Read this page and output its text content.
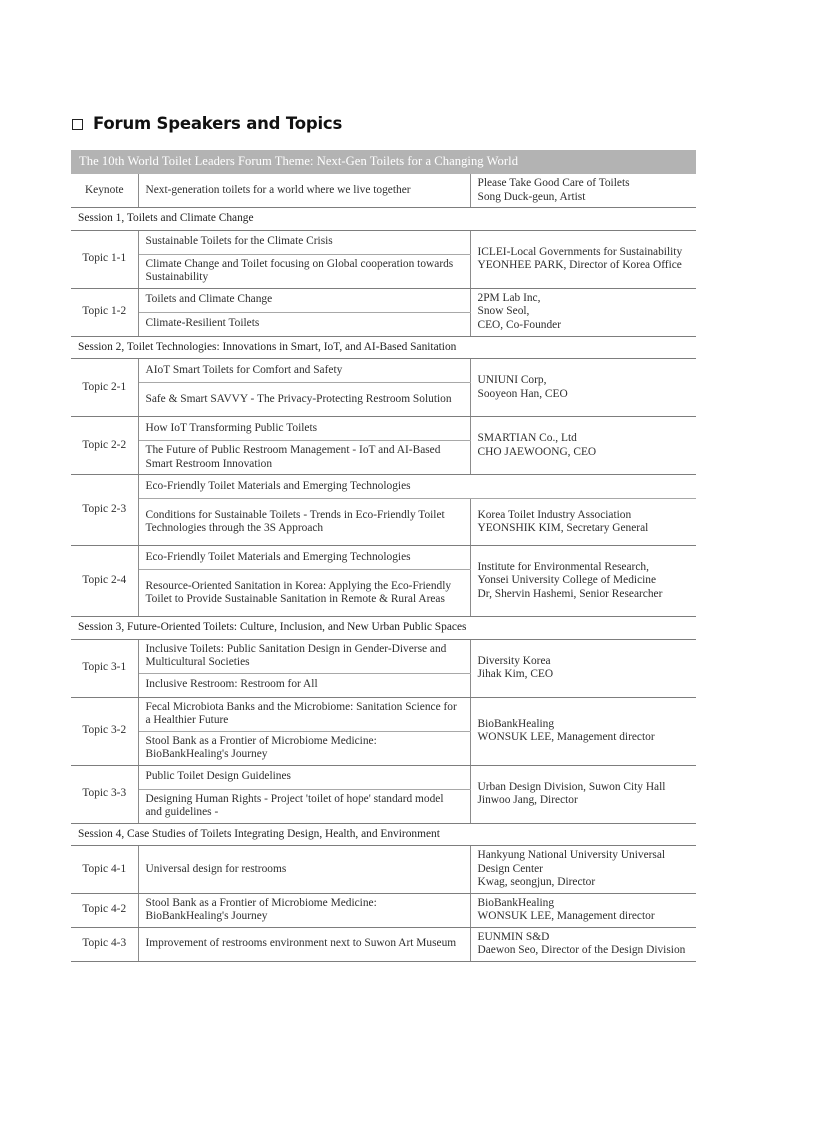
Forum Speakers and Topics
The 10th World Toilet Leaders Forum Theme: Next-Gen Toilets for a Changing World		
Keynote	Next-generation toilets for a world where we live together	Please Take Good Care of Toilets
Song Duck-geun, Artist

Session 1, Toilets and Climate Change		
Topic 1-1	Sustainable Toilets for the Climate Crisis	ICLEI-Local Governments for Sustainability
YEONHEE PARK, Director of Korea Office

Climate Change and Toilet focusing on Global cooperation towards Sustainability	

Topic 1-2	Toilets and Climate Change	2PM Lab Inc,
Snow Seol,
CEO, Co-Founder

Climate-Resilient Toilets	

Session 2, Toilet Technologies: Innovations in Smart, IoT, and AI-Based Sanitation		
Topic 2-1	AIoT Smart Toilets for Comfort and Safety	UNIUNI Corp,
Sooyeon Han, CEO

Safe & Smart SAVVY - The Privacy-Protecting Restroom Solution	

Topic 2-2	How IoT Transforming Public Toilets	SMARTIAN Co., Ltd
CHO JAEWOONG, CEO

The Future of Public Restroom Management - IoT and AI-Based Smart Restroom Innovation	

Topic 2-3	Eco-Friendly Toilet Materials and Emerging Technologies	

Conditions for Sustainable Toilets - Trends in Eco-Friendly Toilet Technologies through the 3S Approach	Korea Toilet Industry Association
YEONSHIK KIM, Secretary General

Topic 2-4	Eco-Friendly Toilet Materials and Emerging Technologies	Institute for Environmental Research,
Yonsei University College of Medicine
Dr, Shervin Hashemi, Senior Researcher

Resource-Oriented Sanitation in Korea: Applying the Eco-Friendly Toilet to Provide Sustainable Sanitation in Remote & Rural Areas	

Session 3, Future-Oriented Toilets: Culture, Inclusion, and New Urban Public Spaces		
Topic 3-1	Inclusive Toilets: Public Sanitation Design in Gender-Diverse and Multicultural Societies	Diversity Korea
Jihak Kim, CEO

Inclusive Restroom: Restroom for All	

Topic 3-2	Fecal Microbiota Banks and the Microbiome: Sanitation Science for a Healthier Future	BioBankHealing
WONSUK LEE, Management director

Stool Bank as a Frontier of Microbiome Medicine: BioBankHealing's Journey	

Topic 3-3	Public Toilet Design Guidelines	Urban Design Division, Suwon City Hall
Jinwoo Jang, Director

Designing Human Rights - Project 'toilet of hope' standard model and guidelines -	

Session 4, Case Studies of Toilets Integrating Design, Health, and Environment		
Topic 4-1	Universal design for restrooms	Hankyung National University Universal Design Center
Kwag, seongjun, Director

Topic 4-2	Stool Bank as a Frontier of Microbiome Medicine: BioBankHealing's Journey	BioBankHealing
WONSUK LEE, Management director

Topic 4-3	Improvement of restrooms environment next to Suwon Art Museum	EUNMIN S&D
Daewon Seo, Director of the Design Division
